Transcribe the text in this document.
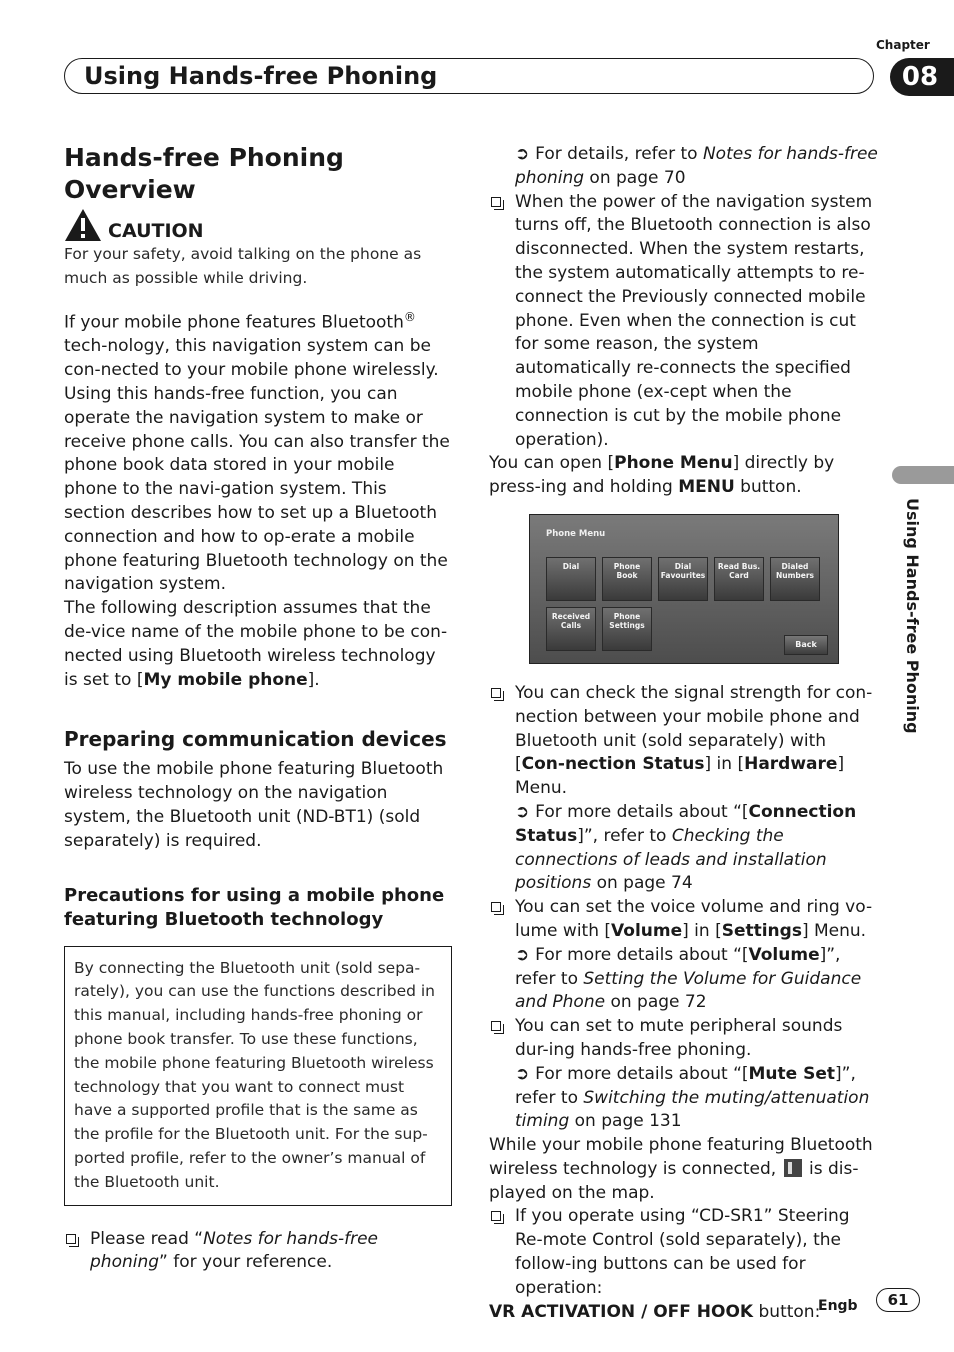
Chapter
08
Using Hands-free Phoning
Hands-free Phoning Overview
CAUTION

For your safety, avoid talking on the phone as much as possible while driving.

If your mobile phone features Bluetooth® tech-nology, this navigation system can be con-nected to your mobile phone wirelessly. Using this hands-free function, you can operate the navigation system to make or receive phone calls. You can also transfer the phone book data stored in your mobile phone to the navi-gation system. This section describes how to set up a Bluetooth connection and how to op-erate a mobile phone featuring Bluetooth technology on the navigation system.

The following description assumes that the de-vice name of the mobile phone to be con-nected using Bluetooth wireless technology is set to [My mobile phone].

Preparing communication devices

To use the mobile phone featuring Bluetooth wireless technology on the navigation system, the Bluetooth unit (ND-BT1) (sold separately) is required.

Precautions for using a mobile phone featuring Bluetooth technology
By connecting the Bluetooth unit (sold sepa-rately), you can use the functions described in this manual, including hands-free phoning or phone book transfer. To use these functions, the mobile phone featuring Bluetooth wireless technology that you want to connect must have a supported profile that is the same as the profile for the Bluetooth unit. For the sup-ported profile, refer to the owner’s manual of the Bluetooth unit.
Please read “Notes for hands-free phoning” for your reference.

➲ For details, refer to Notes for hands-free phoning on page 70

When the power of the navigation system turns off, the Bluetooth connection is also disconnected. When the system restarts, the system automatically attempts to re-connect the Previously connected mobile phone. Even when the connection is cut for some reason, the system automatically re-connects the specified mobile phone (ex-cept when the connection is cut by the mobile phone operation).

You can open [Phone Menu] directly by press-ing and holding MENU button.

Phone Menu
Dial	Phone Book
Dial Favourites
Read Bus. Card
Dialed Numbers
Received Calls
Phone Settings
Back
You can check the signal strength for con-nection between your mobile phone and Bluetooth unit (sold separately) with [Con-nection Status] in [Hardware] Menu.

➲ For more details about “[Connection Status]”, refer to Checking the connections of leads and installation positions on page 74

You can set the voice volume and ring vo-lume with [Volume] in [Settings] Menu.

➲ For more details about “[Volume]”, refer to Setting the Volume for Guidance and Phone on page 72

You can set to mute peripheral sounds dur-ing hands-free phoning.

➲ For more details about “[Mute Set]”, refer to Switching the muting/attenuation timing on page 131

While your mobile phone featuring Bluetooth wireless technology is connected,  is dis-played on the map.

If you operate using “CD-SR1” Steering Re-mote Control (sold separately), the follow-ing buttons can be used for operation:

VR ACTIVATION / OFF HOOK button:

Using Hands-free Phoning
Engb	61
